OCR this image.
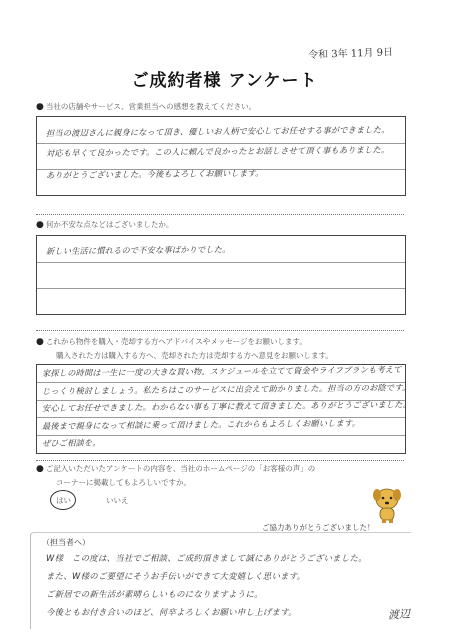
令和 3年 11月 9日
ご成約者様 アンケート
● 当社の店舗やサービス、営業担当への感想を教えてください。
担当の渡辺さんに親身になって頂き、優しいお人柄で安心してお任せする事ができました。
対応も早くて良かったです。この人に頼んで良かったとお話しさせて頂く事もありました。
ありがとうございました。今後もよろしくお願いします。
● 何か不安な点などはございましたか。
新しい生活に慣れるので不安な事ばかりでした。
● これから物件を購入・売却する方へアドバイスやメッセージをお願いします。
購入された方は購入する方へ、売却された方は売却する方へ意見をお願いします。
家探しの時間は一生に一度の大きな買い物。スケジュールを立てて資金やライフプランも考えて
じっくり検討しましょう。私たちはこのサービスに出会えて助かりました。担当の方のお陰です。
安心してお任せできました。わからない事も丁寧に教えて頂きました。ありがとうございました。
最後まで親身になって相談に乗って頂けました。これからもよろしくお願いします。
ぜひご相談を。
● ご記入いただいたアンケートの内容を、当社のホームページの「お客様の声」の
コーナーに掲載してもよろしいですか。
はい	いいえ
ご協力ありがとうございました！
（担当者へ）
W様　この度は、当社でご相談、ご成約頂きまして誠にありがとうございました。
また、W様のご要望にそうお手伝いができて大変嬉しく思います。
ご新居での新生活が素晴らしいものになりますように。
今後ともお付き合いのほど、何卒よろしくお願い申し上げます。	渡辺
